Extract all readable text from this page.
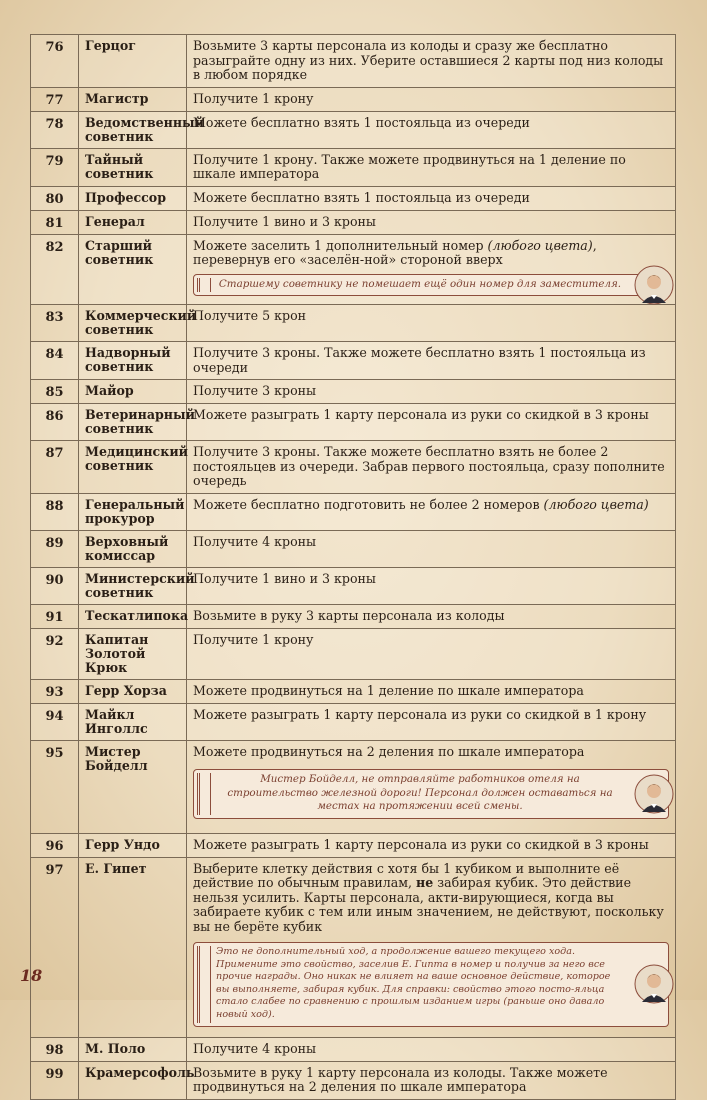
76	Герцог	Возьмите 3 карты персонала из колоды и сразу же бесплатно разыграйте одну из них. Уберите оставшиеся 2 карты под низ колоды в любом порядке
77	Магистр	Получите 1 крону
78	Ведомственный советник	Можете бесплатно взять 1 постояльца из очереди
79	Тайный советник	Получите 1 крону. Также можете продвинуться на 1 деление по шкале императора
80	Профессор	Можете бесплатно взять 1 постояльца из очереди
81	Генерал	Получите 1 вино и 3 кроны
82	Старший советник	Можете заселить 1 дополнительный номер (любого цвета), перевернув его «заселён-ной» стороной вверх
Старшему советнику не помешает ещё один номер для заместителя.

83	Коммерческий советник	Получите 5 крон
84	Надворный советник	Получите 3 кроны. Также можете бесплатно взять 1 постояльца из очереди
85	Майор	Получите 3 кроны
86	Ветеринарный советник	Можете разыграть 1 карту персонала из руки со скидкой в 3 кроны
87	Медицинский советник	Получите 3 кроны. Также можете бесплатно взять не более 2 постояльцев из очереди. Забрав первого постояльца, сразу пополните очередь
88	Генеральный прокурор	Можете бесплатно подготовить не более 2 номеров (любого цвета)
89	Верховный комиссар	Получите 4 кроны
90	Министерский советник	Получите 1 вино и 3 кроны
91	Тескатлипока	Возьмите в руку 3 карты персонала из колоды
92	Капитан Золотой Крюк	Получите 1 крону
93	Герр Хорза	Можете продвинуться на 1 деление по шкале императора
94	Майкл Инголлс	Можете разыграть 1 карту персонала из руки со скидкой в 1 крону
95	Мистер Бойделл	Можете продвинуться на 2 деления по шкале императора
Мистер Бойделл, не отправляйте работников отеля на строительство железной дороги! Персонал должен оставаться на местах на протяжении всей смены.

96	Герр Ундо	Можете разыграть 1 карту персонала из руки со скидкой в 3 кроны
97	Е. Гипет	Выберите клетку действия с хотя бы 1 кубиком и выполните её действие по обычным правилам, не забирая кубик. Это действие нельзя усилить. Карты персонала, акти-вирующиеся, когда вы забираете кубик с тем или иным значением, не действуют, поскольку вы не берёте кубик
Это не дополнительный ход, а продолжение вашего текущего хода. Примените это свойство, заселив Е. Гипта в номер и получив за него все прочие награды. Оно никак не влияет на ваше основное действие, которое вы выполняете, забирая кубик. Для справки: свойство этого посто-яльца стало слабее по сравнению с прошлым изданием игры (раньше оно давало новый ход).

98	М. Поло	Получите 4 кроны
99	Крамерсофоль	Возьмите в руку 1 карту персонала из колоды. Также можете продвинуться на 2 деления по шкале императора
18
